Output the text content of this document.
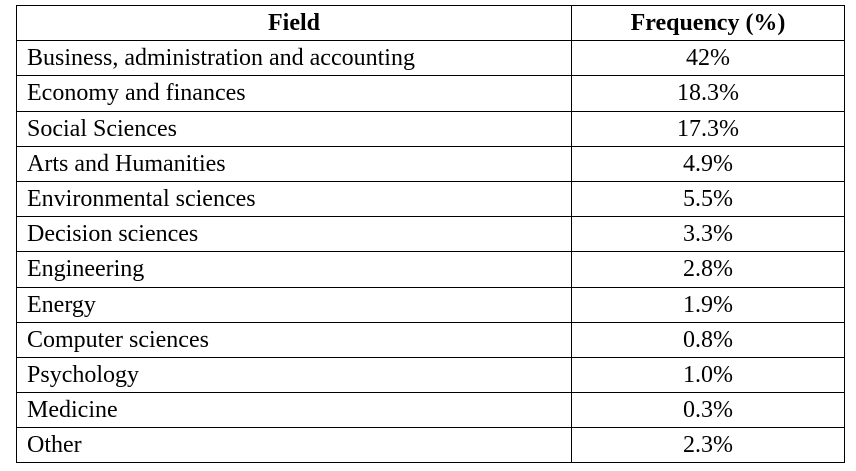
Field	Frequency (%)
Business, administration and accounting	42%
Economy and finances	18.3%
Social Sciences	17.3%
Arts and Humanities	4.9%
Environmental sciences	5.5%
Decision sciences	3.3%
Engineering	2.8%
Energy	1.9%
Computer sciences	0.8%
Psychology	1.0%
Medicine	0.3%
Other	2.3%
